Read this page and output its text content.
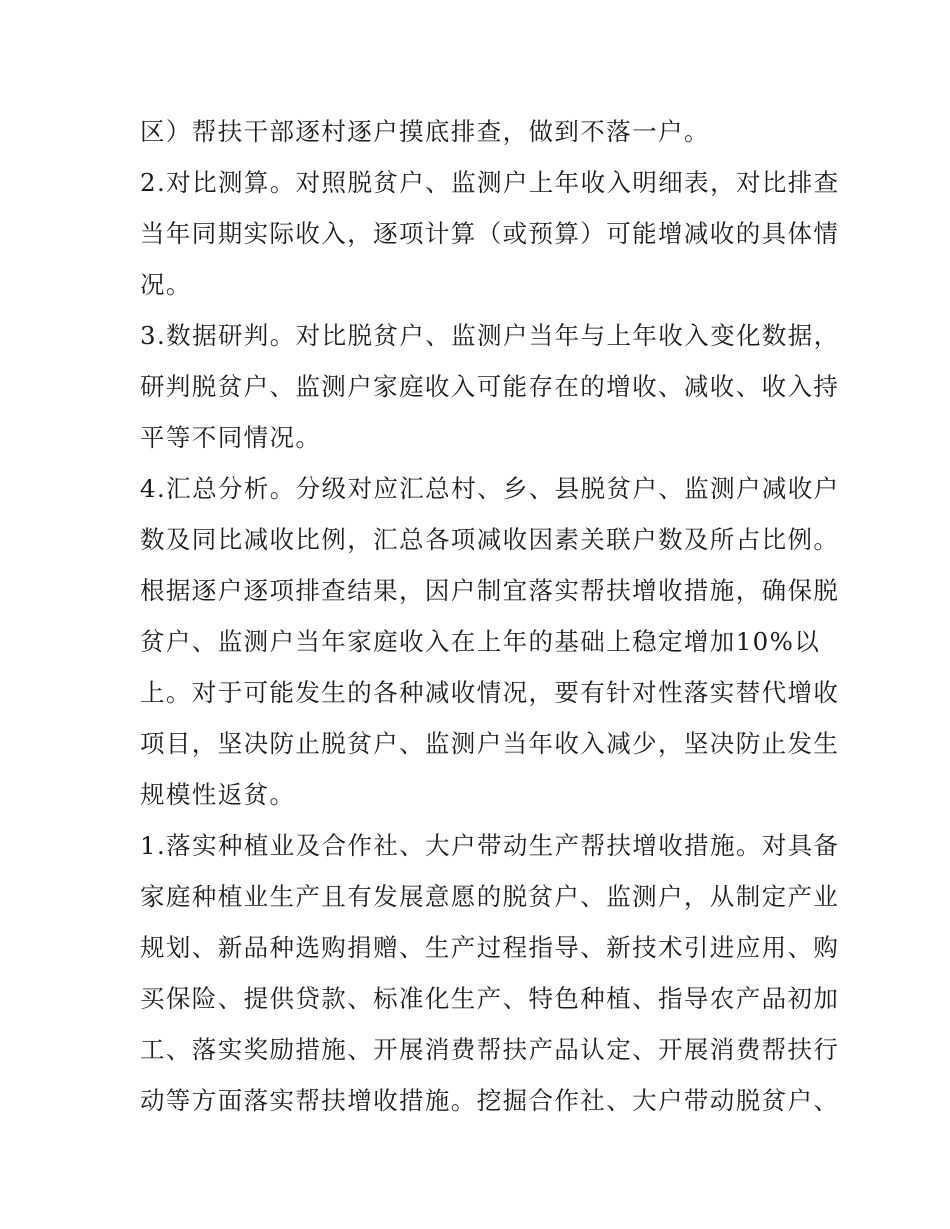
区）帮扶干部逐村逐户摸底排查，做到不落一户。
2.对比测算。对照脱贫户、监测户上年收入明细表，对比排查
当年同期实际收入，逐项计算（或预算）可能增减收的具体情
况。
3.数据研判。对比脱贫户、监测户当年与上年收入变化数据，
研判脱贫户、监测户家庭收入可能存在的增收、减收、收入持
平等不同情况。
4.汇总分析。分级对应汇总村、乡、县脱贫户、监测户减收户
数及同比减收比例，汇总各项减收因素关联户数及所占比例。
根据逐户逐项排查结果，因户制宜落实帮扶增收措施，确保脱
贫户、监测户当年家庭收入在上年的基础上稳定增加10%以
上。对于可能发生的各种减收情况，要有针对性落实替代增收
项目，坚决防止脱贫户、监测户当年收入减少，坚决防止发生
规模性返贫。
1.落实种植业及合作社、大户带动生产帮扶增收措施。对具备
家庭种植业生产且有发展意愿的脱贫户、监测户，从制定产业
规划、新品种选购捐赠、生产过程指导、新技术引进应用、购
买保险、提供贷款、标准化生产、特色种植、指导农产品初加
工、落实奖励措施、开展消费帮扶产品认定、开展消费帮扶行
动等方面落实帮扶增收措施。挖掘合作社、大户带动脱贫户、
